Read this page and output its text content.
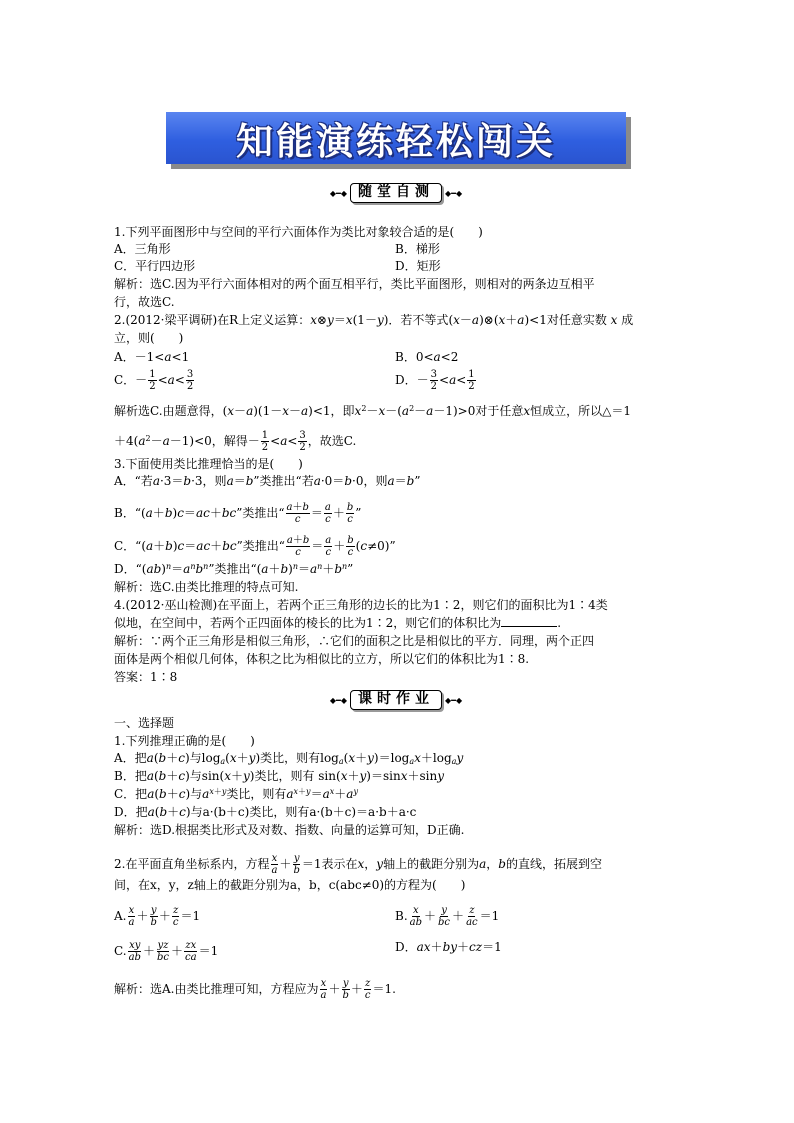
知能演练轻松闯关
◆━◆ 随堂自测	◆━◆
1.下列平面图形中与空间的平行六面体作为类比对象较合适的是(　　)
A．三角形	B．梯形
C．平行四边形	D．矩形
解析：选C.因为平行六面体相对的两个面互相平行，类比平面图形，则相对的两条边互相平
行，故选C.
2.(2012·梁平调研)在R上定义运算：x⊗y＝x(1－y)．若不等式(x－a)⊗(x＋a)<1对任意实数 x 成
立，则(　　)
A．－1<a<1	B．0<a<2
C．－ $\frac{1}{2} <a< \frac{3}{2}$	D．－ $\frac{3}{2} <a< \frac{1}{2}$
解析选C.由题意得，(x－a)(1－x－a)<1，即$x^2-x-(a^2-a-1)>0$对于任意x恒成立，所以△＝1
$+4(a^2-a-1)<0$，解得－ $\frac{1}{2} <a< \frac{3}{2}$ ，故选C.
3.下面使用类比推理恰当的是(　　)
A．“若a·3＝b·3，则a＝b”类推出“若a·0＝b·0，则a＝b”
B．“(a＋b)c＝ac＋bc”类推出“ $\frac{a+b}{c} = \frac{a}{c} + \frac{b}{c}$ ”
C．“(a＋b)c＝ac＋bc”类推出“ $\frac{a+b}{c} = \frac{a}{c} + \frac{b}{c} (c\ne 0)$”
D．“$(ab)^n=a^nb^n$”类推出“$(a+b)^n=a^n+b^n$”
解析：选C.由类比推理的特点可知.
4.(2012·巫山检测)在平面上，若两个正三角形的边长的比为1∶2，则它们的面积比为1∶4类
似地，在空间中，若两个正四面体的棱长的比为1∶2，则它们的体积比为	.
解析：∵两个正三角形是相似三角形，∴它们的面积之比是相似比的平方．同理，两个正四
面体是两个相似几何体，体积之比为相似比的立方，所以它们的体积比为1∶8.
答案：1∶8
◆━◆ 课时作业	◆━◆
一、选择题
1.下列推理正确的是(　　)
A．把a(b＋c)与$\log_a(x+y)$类比，则有$\log_a(x+y)=\log_ax+\log_ay$
B．把a(b＋c)与sin(x＋y)类比，则有 sin(x＋y)＝sinx＋siny
C．把a(b＋c)与$a^{x+y}$类比，则有$a^{x+y}=a^x+a^y$
D．把a(b＋c)与a·(b＋c)类比，则有a·(b＋c)＝a·b＋a·c
解析：选D.根据类比形式及对数、指数、向量的运算可知，D正确.
2.在平面直角坐标系内，方程 $\frac{x}{a} + \frac{y}{b} =1$表示在x，y轴上的截距分别为a，b的直线，拓展到空
间，在x，y，z轴上的截距分别为a，b，c(abc≠0)的方程为(　　)
A. $\frac{x}{a} + \frac{y}{b} + \frac{z}{c} =1$	B. $\frac{x}{ab} + \frac{y}{bc} + \frac{z}{ac} =1$
C. $\frac{xy}{ab} + \frac{yz}{bc} + \frac{zx}{ca} =1$	D．ax＋by＋cz＝1
解析：选A.由类比推理可知，方程应为 $\frac{x}{a} + \frac{y}{b} + \frac{z}{c} =1$.
